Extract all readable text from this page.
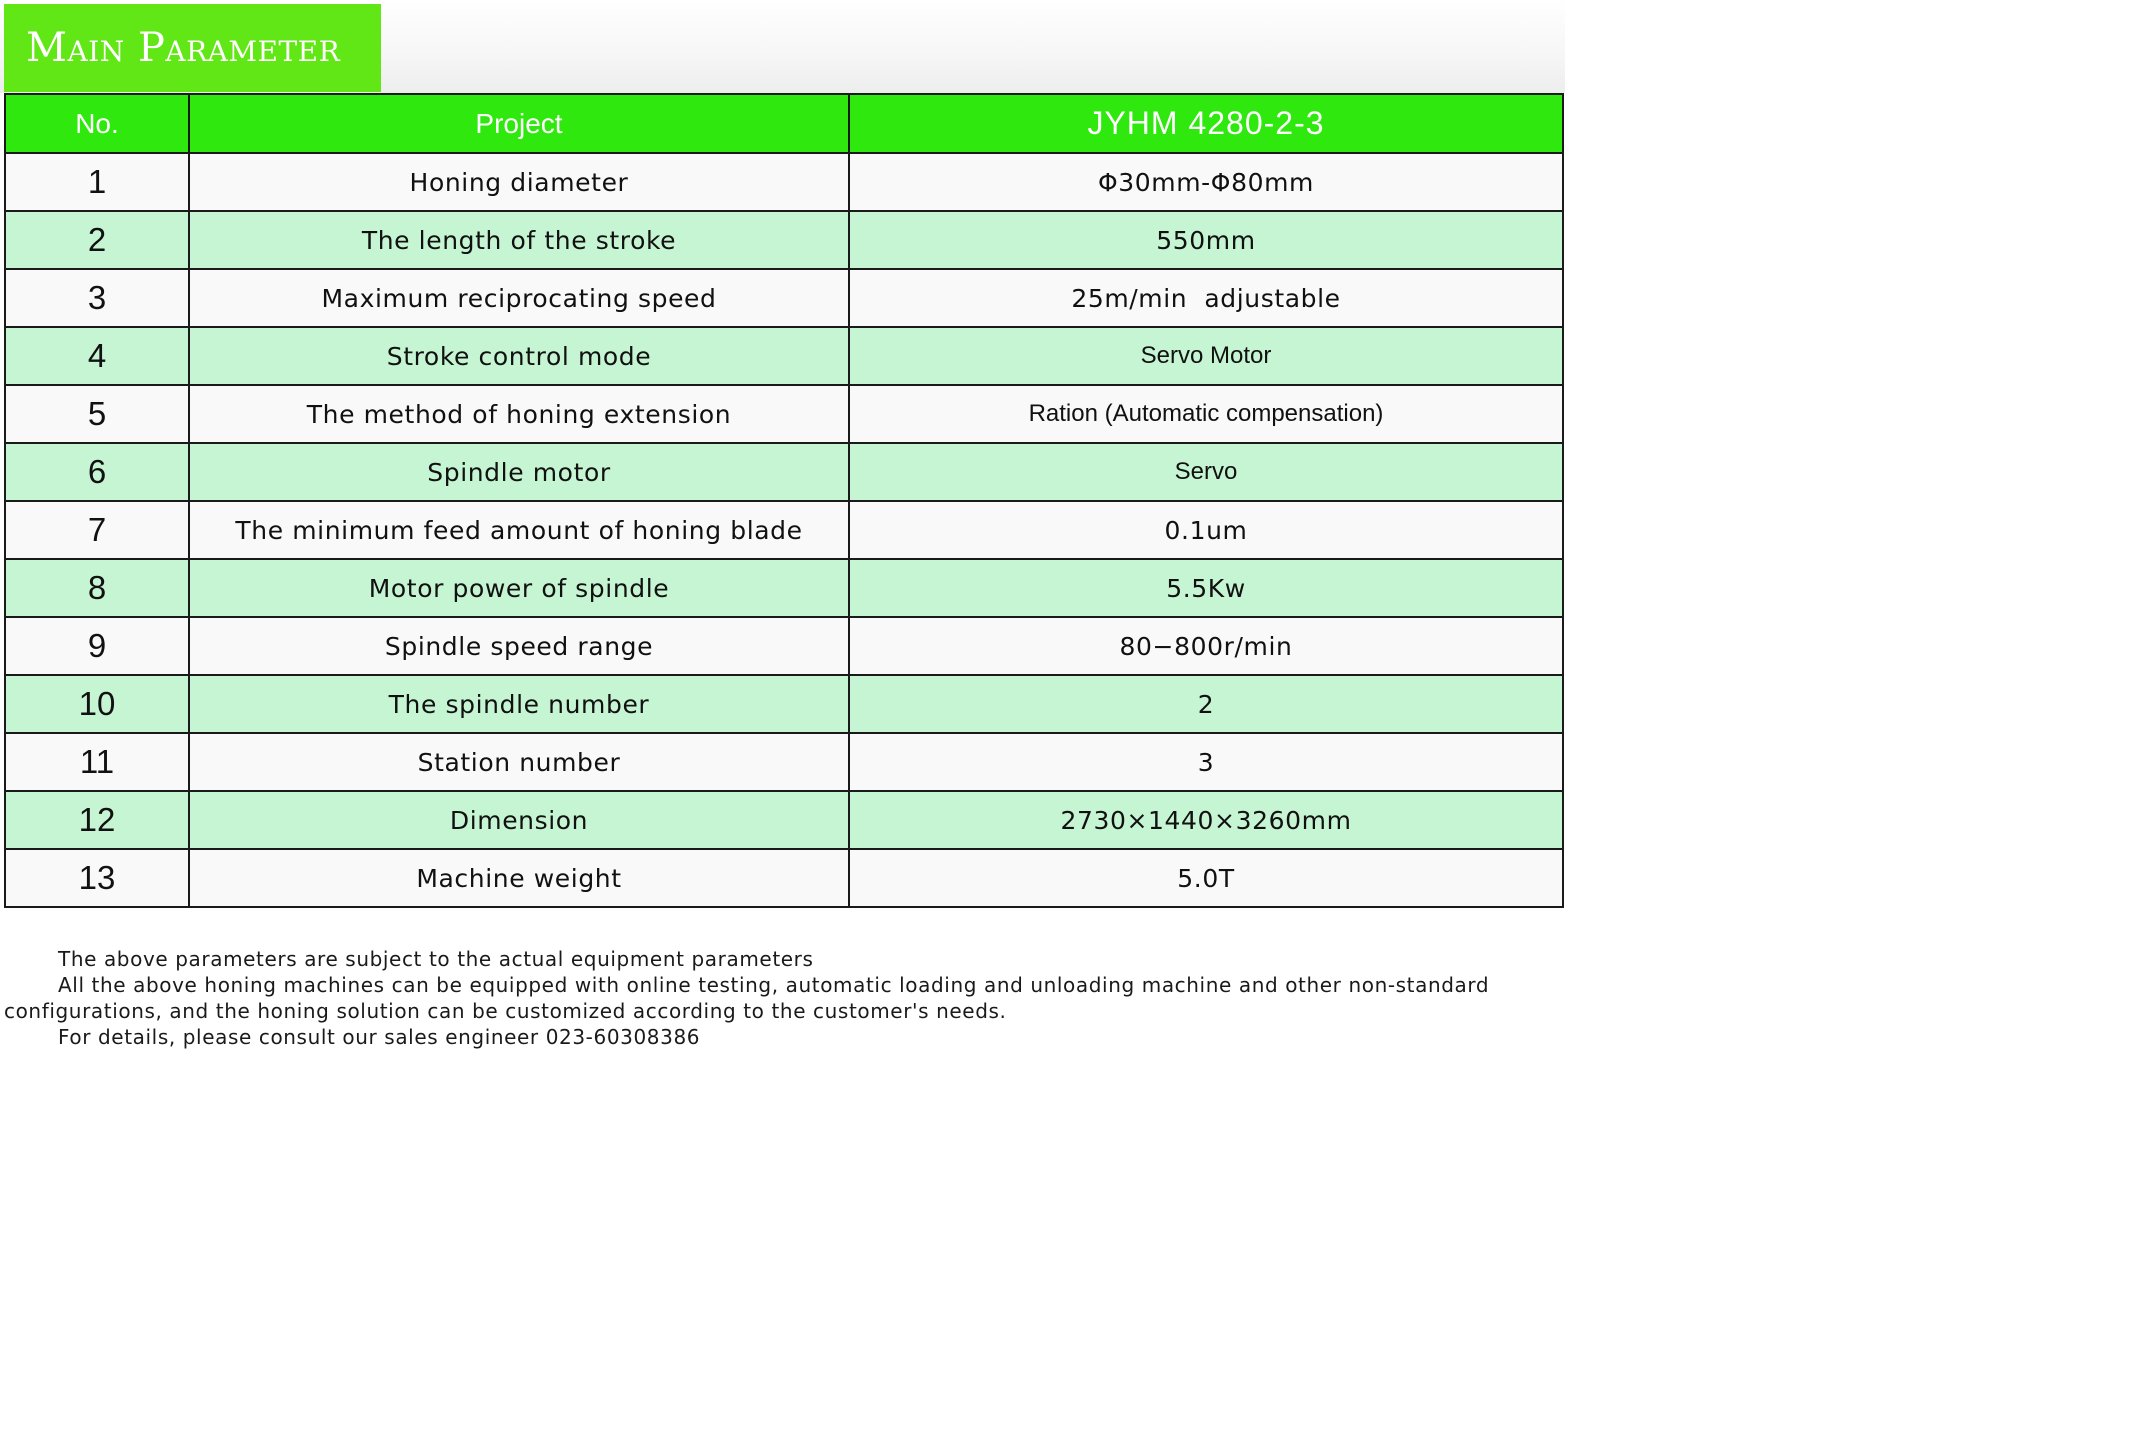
Main Parameter
No.	Project	JYHM 4280-2-3
1	Honing diameter	Φ30mm-Φ80mm
2	The length of the stroke	550mm
3	Maximum reciprocating speed	25m/min  adjustable
4	Stroke control mode	Servo Motor
5	The method of honing extension	Ration (Automatic compensation)
6	Spindle motor	Servo
7	The minimum feed amount of honing blade	0.1um
8	Motor power of spindle	5.5Kw
9	Spindle speed range	80−800r/min
10	The spindle number	2
11	Station number	3
12	Dimension	2730×1440×3260mm
13	Machine weight	5.0T
The above parameters are subject to the actual equipment parameters
All the above honing machines can be equipped with online testing, automatic loading and unloading machine and other non-standard
configurations, and the honing solution can be customized according to the customer's needs.
For details, please consult our sales engineer 023-60308386
